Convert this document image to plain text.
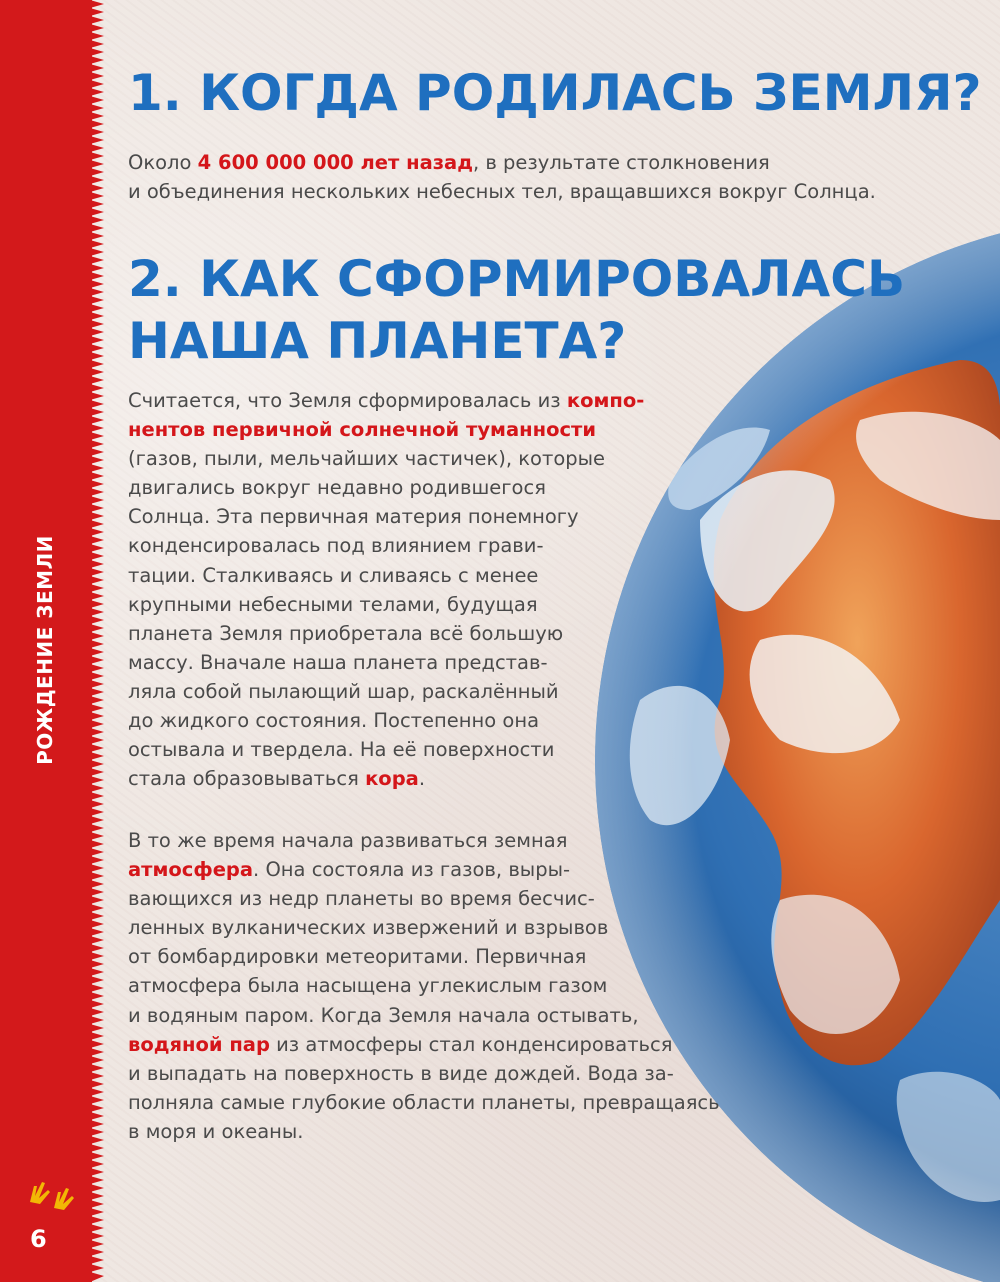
РОЖДЕНИЕ ЗЕМЛИ
6
1. КОГДА РОДИЛАСЬ ЗЕМЛЯ?
Около 4 600 000 000 лет назад, в результате столкновения
и объединения нескольких небесных тел, вращавшихся вокруг Солнца.
2. КАК СФОРМИРОВАЛАСЬ
НАША ПЛАНЕТА?
Считается, что Земля сформировалась из компо-
нентов первичной солнечной туманности
(газов, пыли, мельчайших частичек), которые
двигались вокруг недавно родившегося
Солнца. Эта первичная материя понемногу
конденсировалась под влиянием грави-
тации. Сталкиваясь и сливаясь с менее
крупными небесными телами, будущая
планета Земля приобретала всё большую
массу. Вначале наша планета представ-
ляла собой пылающий шар, раскалённый
до жидкого состояния. Постепенно она
остывала и твердела. На её поверхности
стала образовываться кора.
В то же время начала развиваться земная
атмосфера. Она состояла из газов, выры-
вающихся из недр планеты во время бесчис-
ленных вулканических извержений и взрывов
от бомбардировки метеоритами. Первичная
атмосфера была насыщена углекислым газом
и водяным паром. Когда Земля начала остывать,
водяной пар из атмосферы стал конденсироваться
и выпадать на поверхность в виде дождей. Вода за-
полняла самые глубокие области планеты, превращаясь
в моря и океаны.
